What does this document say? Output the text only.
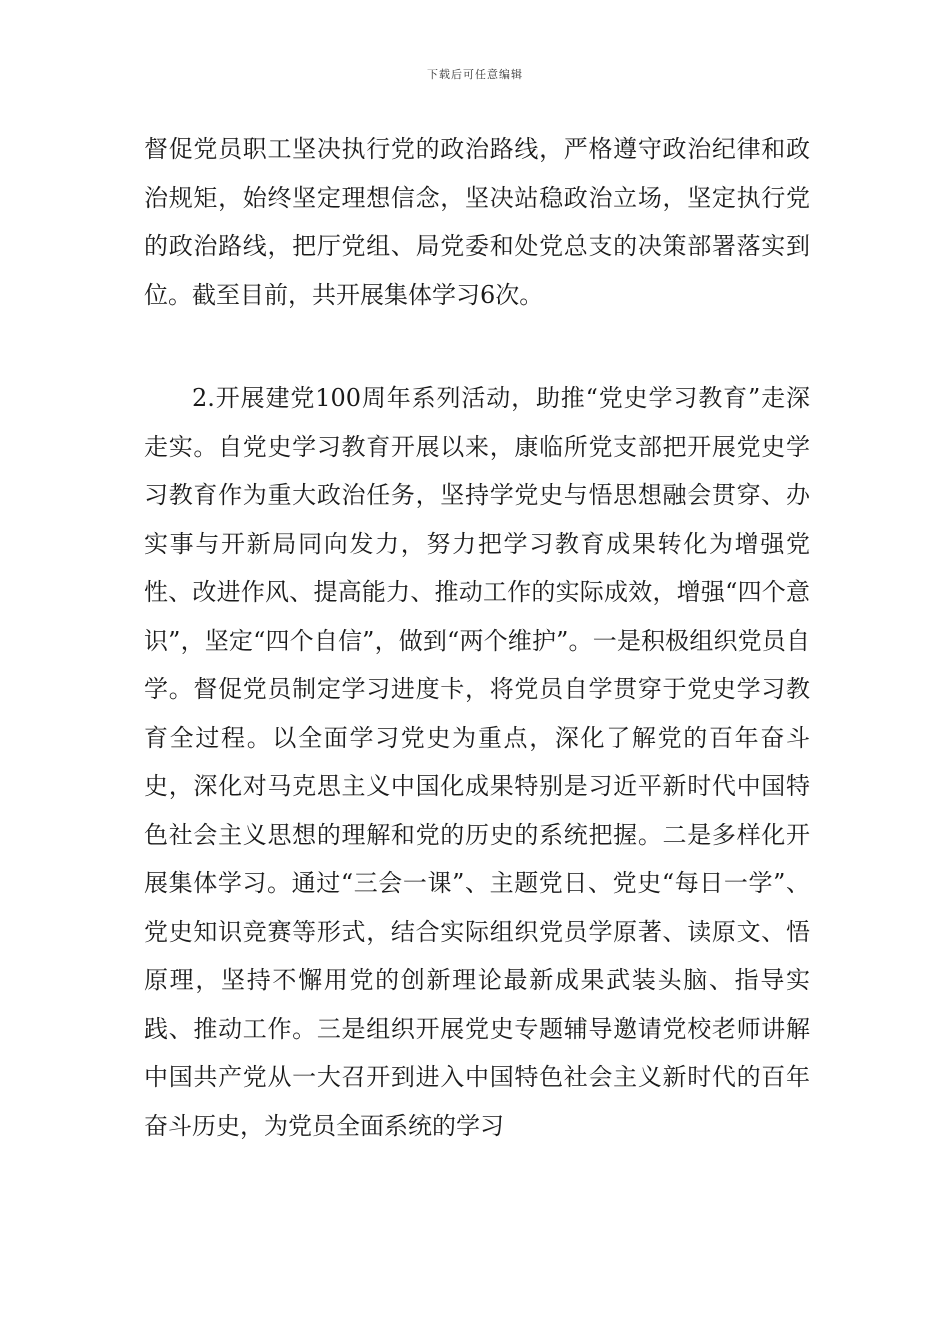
下载后可任意编辑

督促党员职工坚决执行党的政治路线，严格遵守政治纪律和政治规矩，始终坚定理想信念，坚决站稳政治立场，坚定执行党的政治路线，把厅党组、局党委和处党总支的决策部署落实到位。截至目前，共开展集体学习6次。

2.开展建党100周年系列活动，助推“党史学习教育”走深走实。自党史学习教育开展以来，康临所党支部把开展党史学习教育作为重大政治任务，坚持学党史与悟思想融会贯穿、办实事与开新局同向发力，努力把学习教育成果转化为增强党性、改进作风、提高能力、推动工作的实际成效，增强“四个意识”，坚定“四个自信”，做到“两个维护”。一是积极组织党员自学。督促党员制定学习进度卡，将党员自学贯穿于党史学习教育全过程。以全面学习党史为重点，深化了解党的百年奋斗史，深化对马克思主义中国化成果特别是习近平新时代中国特色社会主义思想的理解和党的历史的系统把握。二是多样化开展集体学习。通过“三会一课”、主题党日、党史“每日一学”、党史知识竞赛等形式，结合实际组织党员学原著、读原文、悟原理，坚持不懈用党的创新理论最新成果武装头脑、指导实践、推动工作。三是组织开展党史专题辅导邀请党校老师讲解中国共产党从一大召开到进入中国特色社会主义新时代的百年奋斗历史，为党员全面系统的学习
